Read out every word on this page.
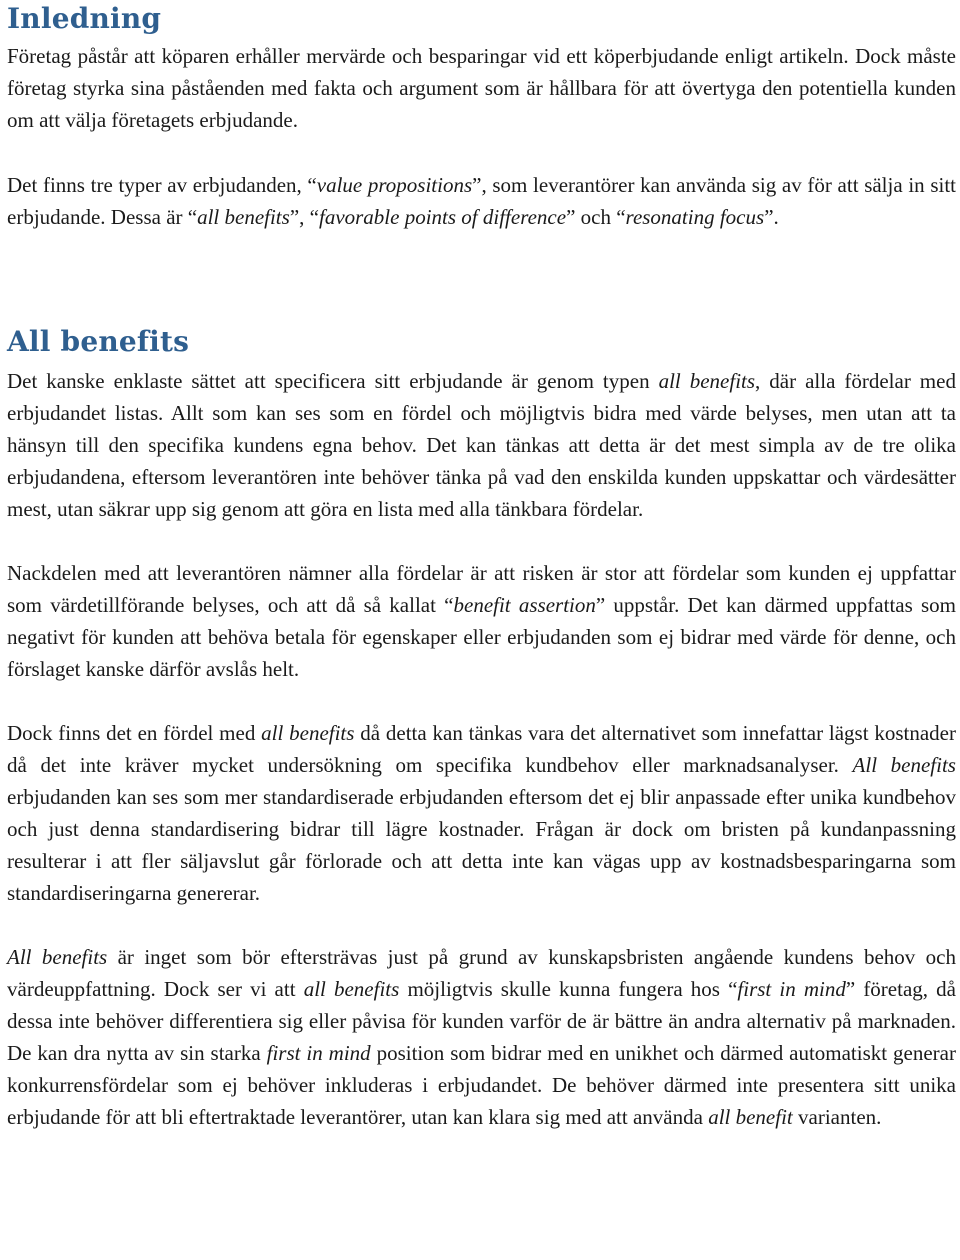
Inledning

Företag påstår att köparen erhåller mervärde och besparingar vid ett köperbjudande enligt artikeln. Dock måste företag styrka sina påståenden med fakta och argument som är hållbara för att övertyga den potentiella kunden om att välja företagets erbjudande.

Det finns tre typer av erbjudanden, “value propositions”, som leverantörer kan använda sig av för att sälja in sitt erbjudande. Dessa är “all benefits”, “favorable points of difference” och “resonating focus”.

All benefits

Det kanske enklaste sättet att specificera sitt erbjudande är genom typen all benefits, där alla fördelar med erbjudandet listas. Allt som kan ses som en fördel och möjligtvis bidra med värde belyses, men utan att ta hänsyn till den specifika kundens egna behov. Det kan tänkas att detta är det mest simpla av de tre olika erbjudandena, eftersom leverantören inte behöver tänka på vad den enskilda kunden uppskattar och värdesätter mest, utan säkrar upp sig genom att göra en lista med alla tänkbara fördelar.

Nackdelen med att leverantören nämner alla fördelar är att risken är stor att fördelar som kunden ej uppfattar som värdetillförande belyses, och att då så kallat “benefit assertion” uppstår. Det kan därmed uppfattas som negativt för kunden att behöva betala för egenskaper eller erbjudanden som ej bidrar med värde för denne, och förslaget kanske därför avslås helt.

Dock finns det en fördel med all benefits då detta kan tänkas vara det alternativet som innefattar lägst kostnader då det inte kräver mycket undersökning om specifika kundbehov eller marknadsanalyser. All benefits erbjudanden kan ses som mer standardiserade erbjudanden eftersom det ej blir anpassade efter unika kundbehov och just denna standardisering bidrar till lägre kostnader. Frågan är dock om bristen på kundanpassning resulterar i att fler säljavslut går förlorade och att detta inte kan vägas upp av kostnadsbesparingarna som standardiseringarna genererar.

All benefits är inget som bör eftersträvas just på grund av kunskapsbristen angående kundens behov och värdeuppfattning. Dock ser vi att all benefits möjligtvis skulle kunna fungera hos “first in mind” företag, då dessa inte behöver differentiera sig eller påvisa för kunden varför de är bättre än andra alternativ på marknaden. De kan dra nytta av sin starka first in mind position som bidrar med en unikhet och därmed automatiskt generar konkurrensfördelar som ej behöver inkluderas i erbjudandet. De behöver därmed inte presentera sitt unika erbjudande för att bli eftertraktade leverantörer, utan kan klara sig med att använda all benefit varianten.
